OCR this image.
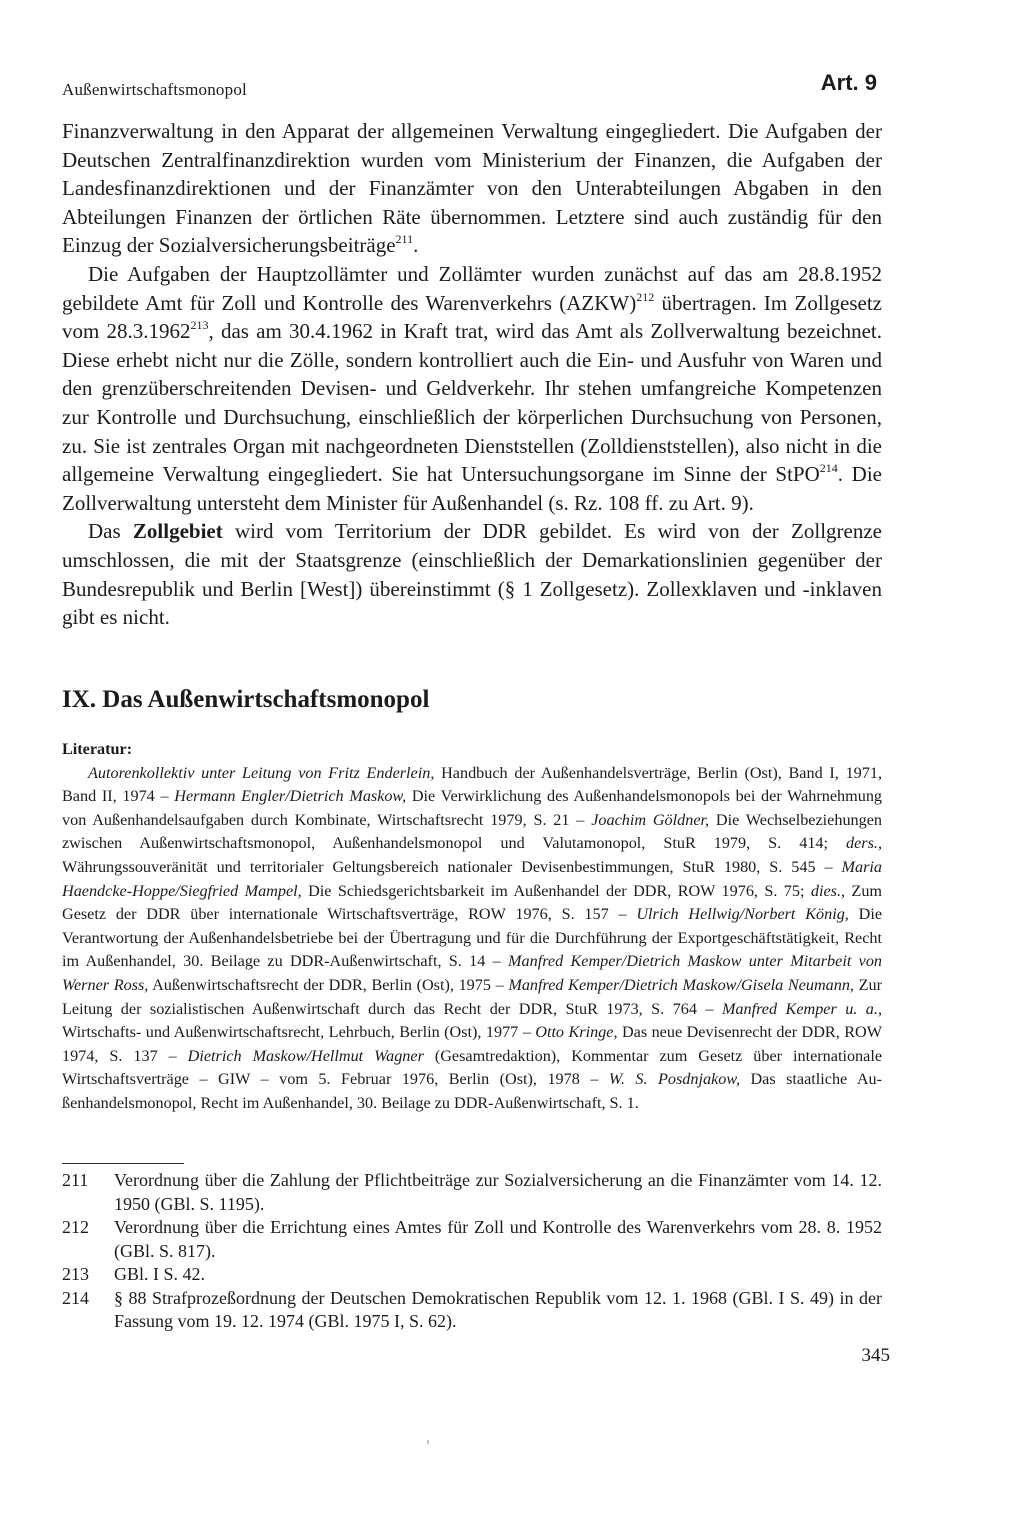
Außenwirtschaftsmonopol	Art. 9

Finanzverwaltung in den Apparat der allgemeinen Verwaltung eingegliedert. Die Aufgaben der Deutschen Zentralfinanzdirektion wurden vom Ministerium der Finanzen, die Aufgaben der Landesfinanzdirektionen und der Finanzämter von den Unterabteilungen Abgaben in den Abteilungen Finanzen der örtlichen Räte übernommen. Letztere sind auch zuständig für den Einzug der Sozialversicherungsbeiträge$^{211}$.

Die Aufgaben der Hauptzollämter und Zollämter wurden zunächst auf das am 28.8.1952 gebildete Amt für Zoll und Kontrolle des Warenverkehrs (AZKW)$^{212}$ übertragen. Im Zollgesetz vom 28.3.1962$^{213}$, das am 30.4.1962 in Kraft trat, wird das Amt als Zollverwaltung bezeichnet. Diese erhebt nicht nur die Zölle, sondern kontrolliert auch die Ein- und Ausfuhr von Waren und den grenzüberschreitenden Devisen- und Geldverkehr. Ihr stehen umfangreiche Kompetenzen zur Kontrolle und Durchsuchung, einschließlich der körperlichen Durchsuchung von Personen, zu. Sie ist zentrales Organ mit nachgeordneten Dienststellen (Zolldienststellen), also nicht in die allgemeine Verwaltung eingegliedert. Sie hat Untersuchungsorgane im Sinne der StPO$^{214}$. Die Zollverwaltung untersteht dem Minister für Außenhandel (s. Rz. 108 ff. zu Art. 9).

Das Zollgebiet wird vom Territorium der DDR gebildet. Es wird von der Zollgrenze umschlossen, die mit der Staatsgrenze (einschließlich der Demarkationslinien gegenüber der Bundesrepublik und Berlin [West]) übereinstimmt (§ 1 Zollgesetz). Zollexklaven und -inklaven gibt es nicht.

IX. Das Außenwirtschaftsmonopol
Literatur:

Autorenkollektiv unter Leitung von Fritz Enderlein, Handbuch der Außenhandelsverträge, Berlin (Ost), Band I, 1971, Band II, 1974 – Hermann Engler/Dietrich Maskow, Die Verwirklichung des Außenhandelsmonopols bei der Wahrnehmung von Außenhandelsaufgaben durch Kombinate, Wirtschaftsrecht 1979, S. 21 – Joachim Göldner, Die Wechselbeziehungen zwischen Außenwirtschaftsmonopol, Außenhandelsmonopol und Valutamonopol, StuR 1979, S. 414; ders., Währungssouveränität und territorialer Geltungsbereich nationaler Devisenbestimmungen, StuR 1980, S. 545 – Maria Haendcke-Hoppe/Siegfried Mampel, Die Schiedsgerichtsbarkeit im Außenhandel der DDR, ROW 1976, S. 75; dies., Zum Gesetz der DDR über internationale Wirtschaftsverträge, ROW 1976, S. 157 – Ulrich Hellwig/Norbert König, Die Verantwortung der Außenhandelsbetriebe bei der Übertragung und für die Durchführung der Exportgeschäftstätigkeit, Recht im Außenhandel, 30. Beilage zu DDR-Außenwirtschaft, S. 14 – Manfred Kemper/Dietrich Maskow unter Mitarbeit von Werner Ross, Außenwirtschaftsrecht der DDR, Berlin (Ost), 1975 – Manfred Kemper/Dietrich Maskow/Gisela Neumann, Zur Leitung der sozialistischen Außenwirtschaft durch das Recht der DDR, StuR 1973, S. 764 – Manfred Kemper u. a., Wirtschafts- und Außenwirtschaftsrecht, Lehrbuch, Berlin (Ost), 1977 – Otto Kringe, Das neue Devisenrecht der DDR, ROW 1974, S. 137 – Dietrich Maskow/Hellmut Wagner (Gesamtredaktion), Kommentar zum Gesetz über internationale Wirtschaftsverträge – GIW – vom 5. Februar 1976, Berlin (Ost), 1978 – W. S. Posdnjakow, Das staatliche Außenhandelsmonopol, Recht im Außenhandel, 30. Beilage zu DDR-Außenwirtschaft, S. 1.

211	Verordnung über die Zahlung der Pflichtbeiträge zur Sozialversicherung an die Finanzämter vom 14. 12. 1950 (GBl. S. 1195).
212	Verordnung über die Errichtung eines Amtes für Zoll und Kontrolle des Warenverkehrs vom 28. 8. 1952 (GBl. S. 817).
213	GBl. I S. 42.
214	§ 88 Strafprozeßordnung der Deutschen Demokratischen Republik vom 12. 1. 1968 (GBl. I S. 49) in der Fassung vom 19. 12. 1974 (GBl. 1975 I, S. 62).
345
